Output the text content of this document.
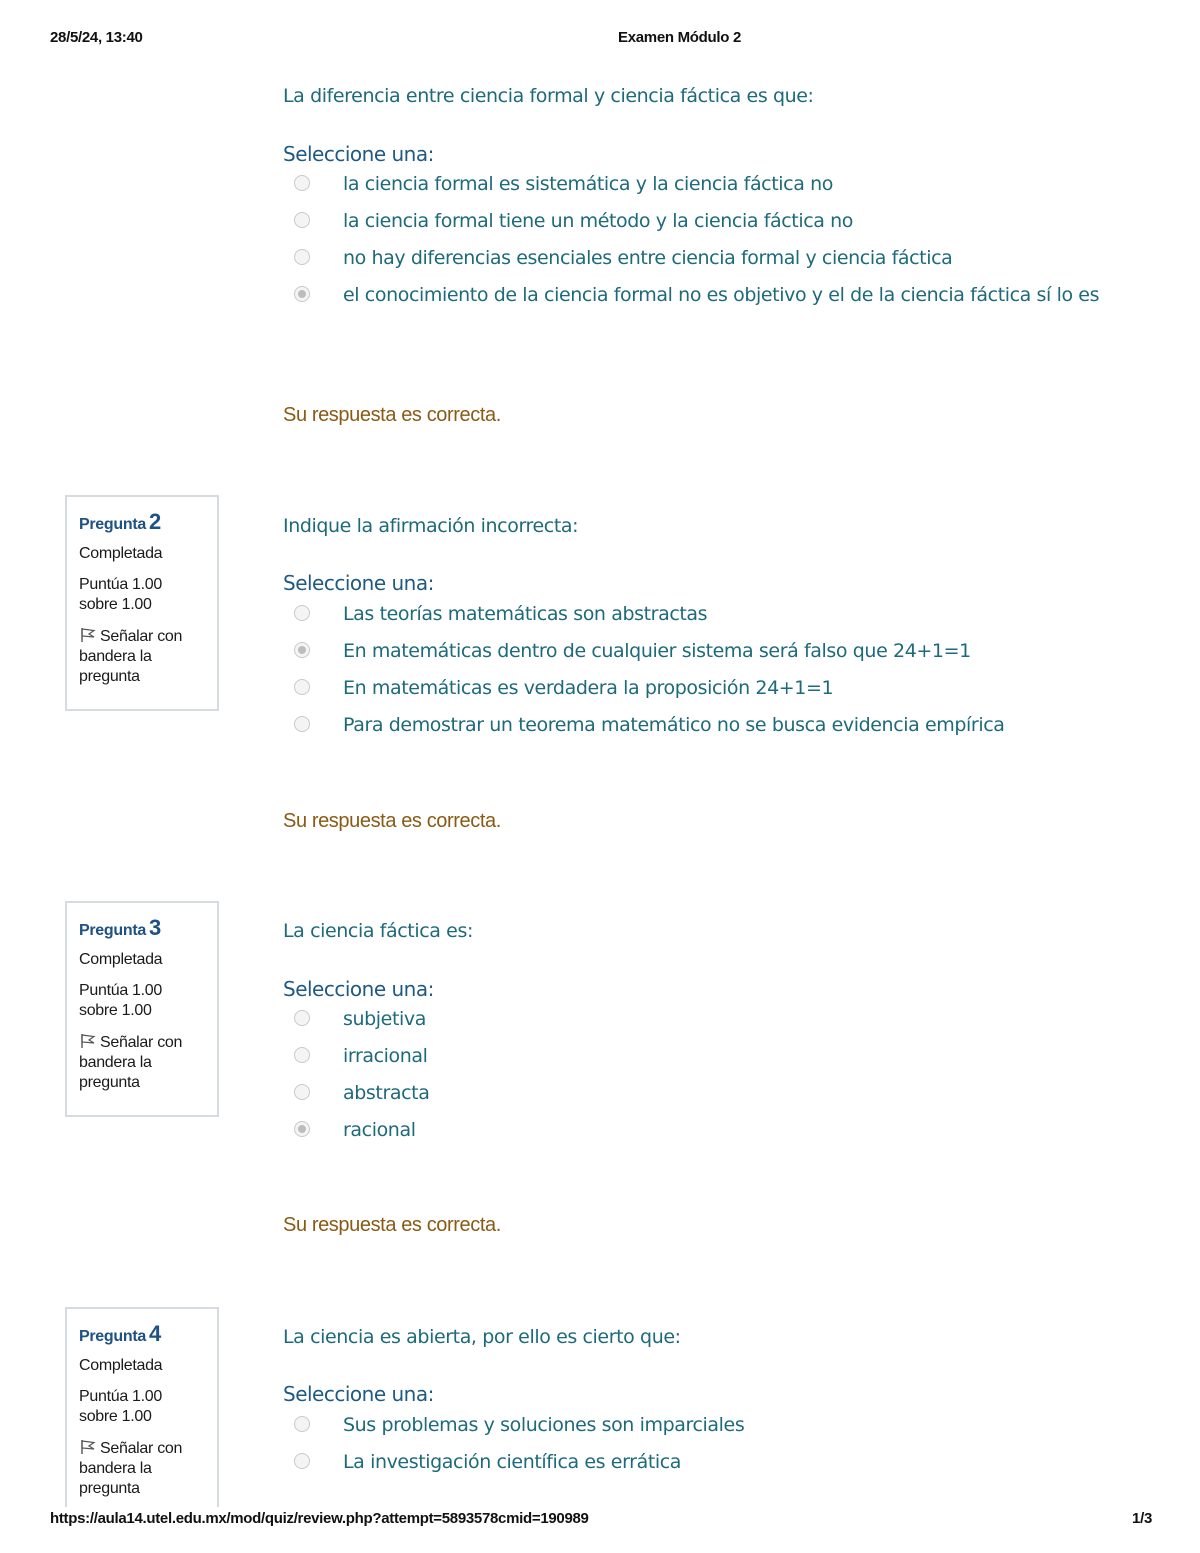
28/5/24, 13:40	Examen Módulo 2
La diferencia entre ciencia formal y ciencia fáctica es que:
Seleccione una:
la ciencia formal es sistemática y la ciencia fáctica no
la ciencia formal tiene un método y la ciencia fáctica no
no hay diferencias esenciales entre ciencia formal y ciencia fáctica
el conocimiento de la ciencia formal no es objetivo y el de la ciencia fáctica sí lo es
Su respuesta es correcta.
Pregunta 2
Completada
Puntúa 1.00
sobre 1.00
Señalar con bandera la pregunta
Indique la afirmación incorrecta:
Seleccione una:
Las teorías matemáticas son abstractas
En matemáticas dentro de cualquier sistema será falso que 24+1=1
En matemáticas es verdadera la proposición 24+1=1
Para demostrar un teorema matemático no se busca evidencia empírica
Su respuesta es correcta.
Pregunta 3
Completada
Puntúa 1.00
sobre 1.00
Señalar con bandera la pregunta
La ciencia fáctica es:
Seleccione una:
subjetiva
irracional
abstracta
racional
Su respuesta es correcta.
Pregunta 4
Completada
Puntúa 1.00
sobre 1.00
Señalar con bandera la pregunta
La ciencia es abierta, por ello es cierto que:
Seleccione una:
Sus problemas y soluciones son imparciales
La investigación científica es errática
https://aula14.utel.edu.mx/mod/quiz/review.php?attempt=5893578cmid=190989	1/3
